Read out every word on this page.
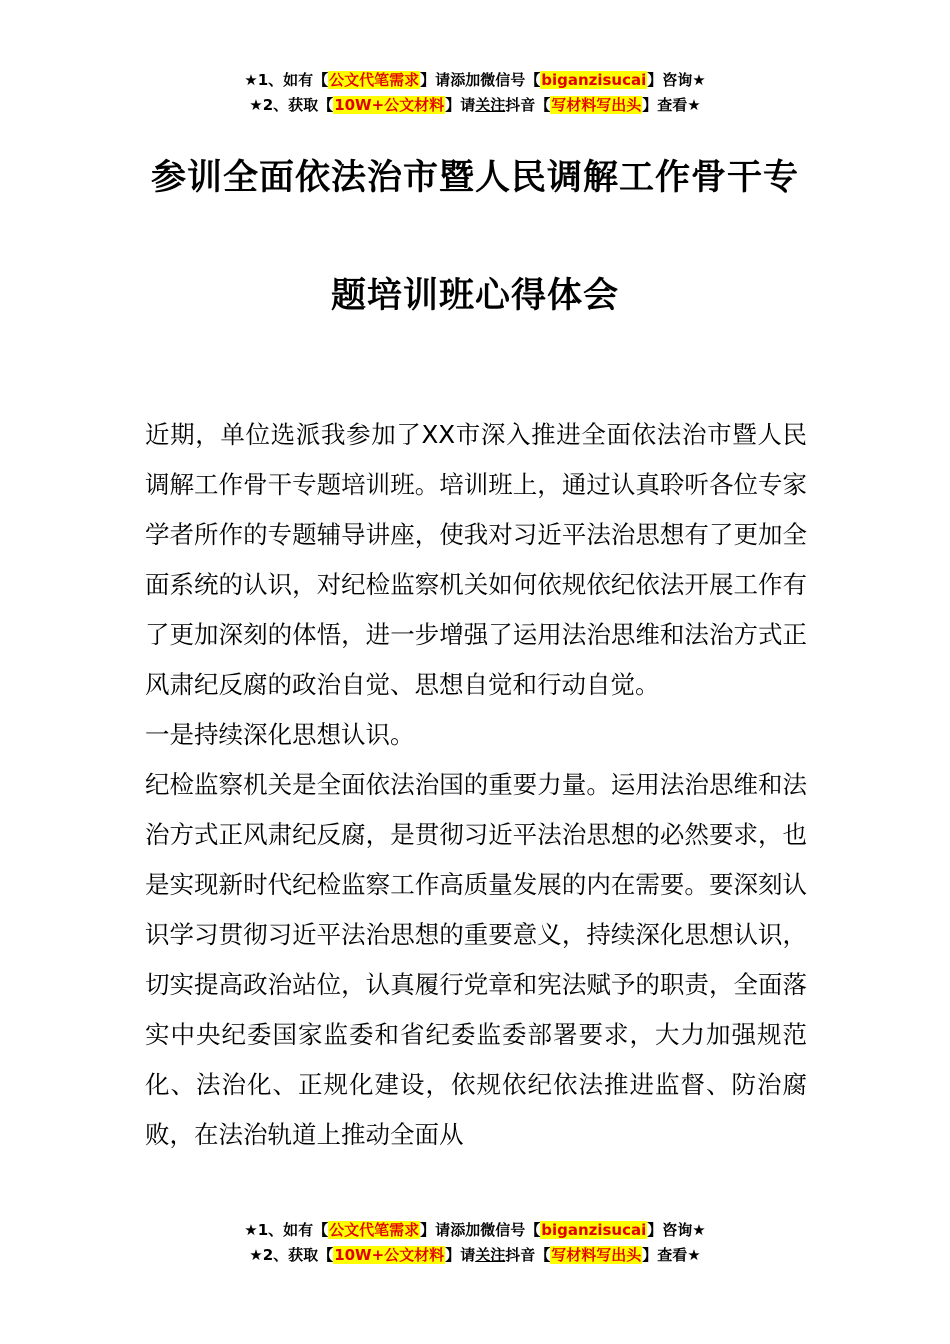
★1、如有【公文代笔需求】请添加微信号【biganzisucai】咨询★
★2、获取【10W+公文材料】请关注抖音【写材料写出头】查看★
参训全面依法治市暨人民调解工作骨干专
题培训班心得体会

近期，单位选派我参加了XX市深入推进全面依法治市暨人民调解工作骨干专题培训班。培训班上，通过认真聆听各位专家学者所作的专题辅导讲座，使我对习近平法治思想有了更加全面系统的认识，对纪检监察机关如何依规依纪依法开展工作有了更加深刻的体悟，进一步增强了运用法治思维和法治方式正风肃纪反腐的政治自觉、思想自觉和行动自觉。

一是持续深化思想认识。

纪检监察机关是全面依法治国的重要力量。运用法治思维和法治方式正风肃纪反腐，是贯彻习近平法治思想的必然要求，也是实现新时代纪检监察工作高质量发展的内在需要。要深刻认识学习贯彻习近平法治思想的重要意义，持续深化思想认识，切实提高政治站位，认真履行党章和宪法赋予的职责，全面落实中央纪委国家监委和省纪委监委部署要求，大力加强规范化、法治化、正规化建设，依规依纪依法推进监督、防治腐败，在法治轨道上推动全面从

★1、如有【公文代笔需求】请添加微信号【biganzisucai】咨询★
★2、获取【10W+公文材料】请关注抖音【写材料写出头】查看★
